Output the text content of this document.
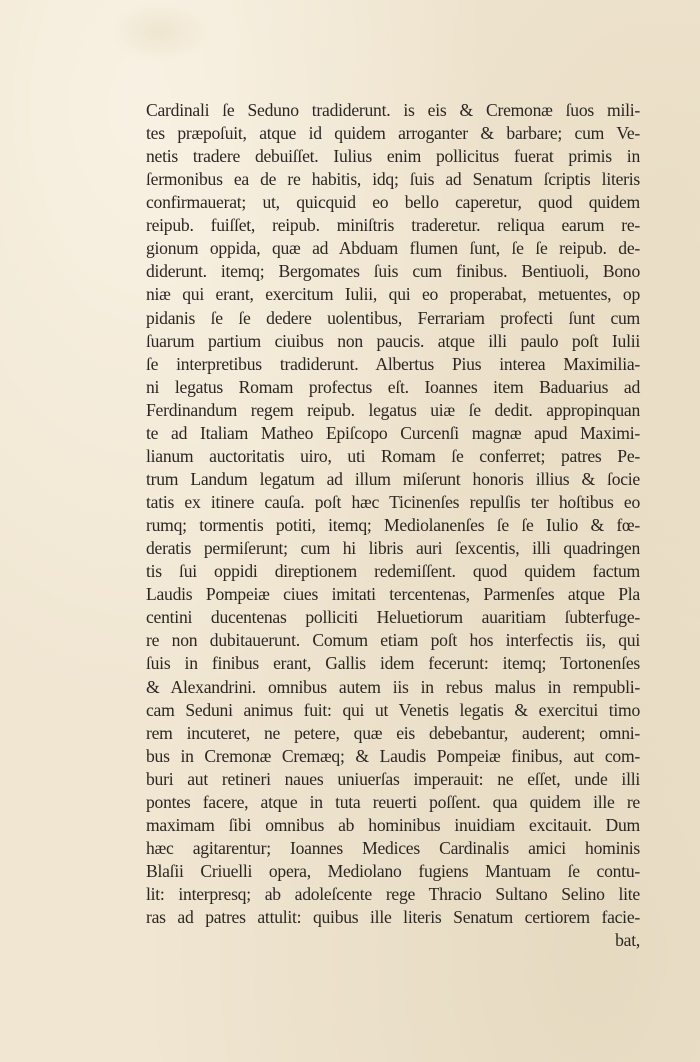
Cardinali ſe Seduno tradiderunt. is eis & Cremonæ ſuos mili-
tes præpoſuit, atque id quidem arroganter & barbare; cum Ve-
netis tradere debuiſſet. Iulius enim pollicitus fuerat primis in
ſermonibus ea de re habitis, idq; ſuis ad Senatum ſcriptis literis
confirmauerat; ut, quicquid eo bello caperetur, quod quidem
reipub. fuiſſet, reipub. miniſtris traderetur. reliqua earum re-
gionum oppida, quæ ad Abduam flumen ſunt, ſe ſe reipub. de-
diderunt. itemq; Bergomates ſuis cum finibus. Bentiuoli, Bono
niæ qui erant, exercitum Iulii, qui eo properabat, metuentes, op
pidanis ſe ſe dedere uolentibus, Ferrariam profecti ſunt cum
ſuarum partium ciuibus non paucis. atque illi paulo poſt Iulii
ſe interpretibus tradiderunt. Albertus Pius interea Maximilia-
ni legatus Romam profectus eſt. Ioannes item Baduarius ad
Ferdinandum regem reipub. legatus uiæ ſe dedit. appropinquan
te ad Italiam Matheo Epiſcopo Curcenſi magnæ apud Maximi-
lianum auctoritatis uiro, uti Romam ſe conferret; patres Pe-
trum Landum legatum ad illum miſerunt honoris illius & ſocie
tatis ex itinere cauſa. poſt hæc Ticinenſes repulſis ter hoſtibus eo
rumq; tormentis potiti, itemq; Mediolanenſes ſe ſe Iulio & fœ-
deratis permiſerunt; cum hi libris auri ſexcentis, illi quadringen
tis ſui oppidi direptionem redemiſſent. quod quidem factum
Laudis Pompeiæ ciues imitati tercentenas, Parmenſes atque Pla
centini ducentenas polliciti Heluetiorum auaritiam ſubterfuge-
re non dubitauerunt. Comum etiam poſt hos interfectis iis, qui
ſuis in finibus erant, Gallis idem fecerunt: itemq; Tortonenſes
& Alexandrini. omnibus autem iis in rebus malus in rempubli-
cam Seduni animus fuit: qui ut Venetis legatis & exercitui timo
rem incuteret, ne petere, quæ eis debebantur, auderent; omni-
bus in Cremonæ Cremæq; & Laudis Pompeiæ finibus, aut com-
buri aut retineri naues uniuerſas imperauit: ne eſſet, unde illi
pontes facere, atque in tuta reuerti poſſent. qua quidem ille re
maximam ſibi omnibus ab hominibus inuidiam excitauit. Dum
hæc agitarentur; Ioannes Medices Cardinalis amici hominis
Blaſii Criuelli opera, Mediolano fugiens Mantuam ſe contu-
lit: interpresq; ab adoleſcente rege Thracio Sultano Selino lite
ras ad patres attulit: quibus ille literis Senatum certiorem facie-
bat,
